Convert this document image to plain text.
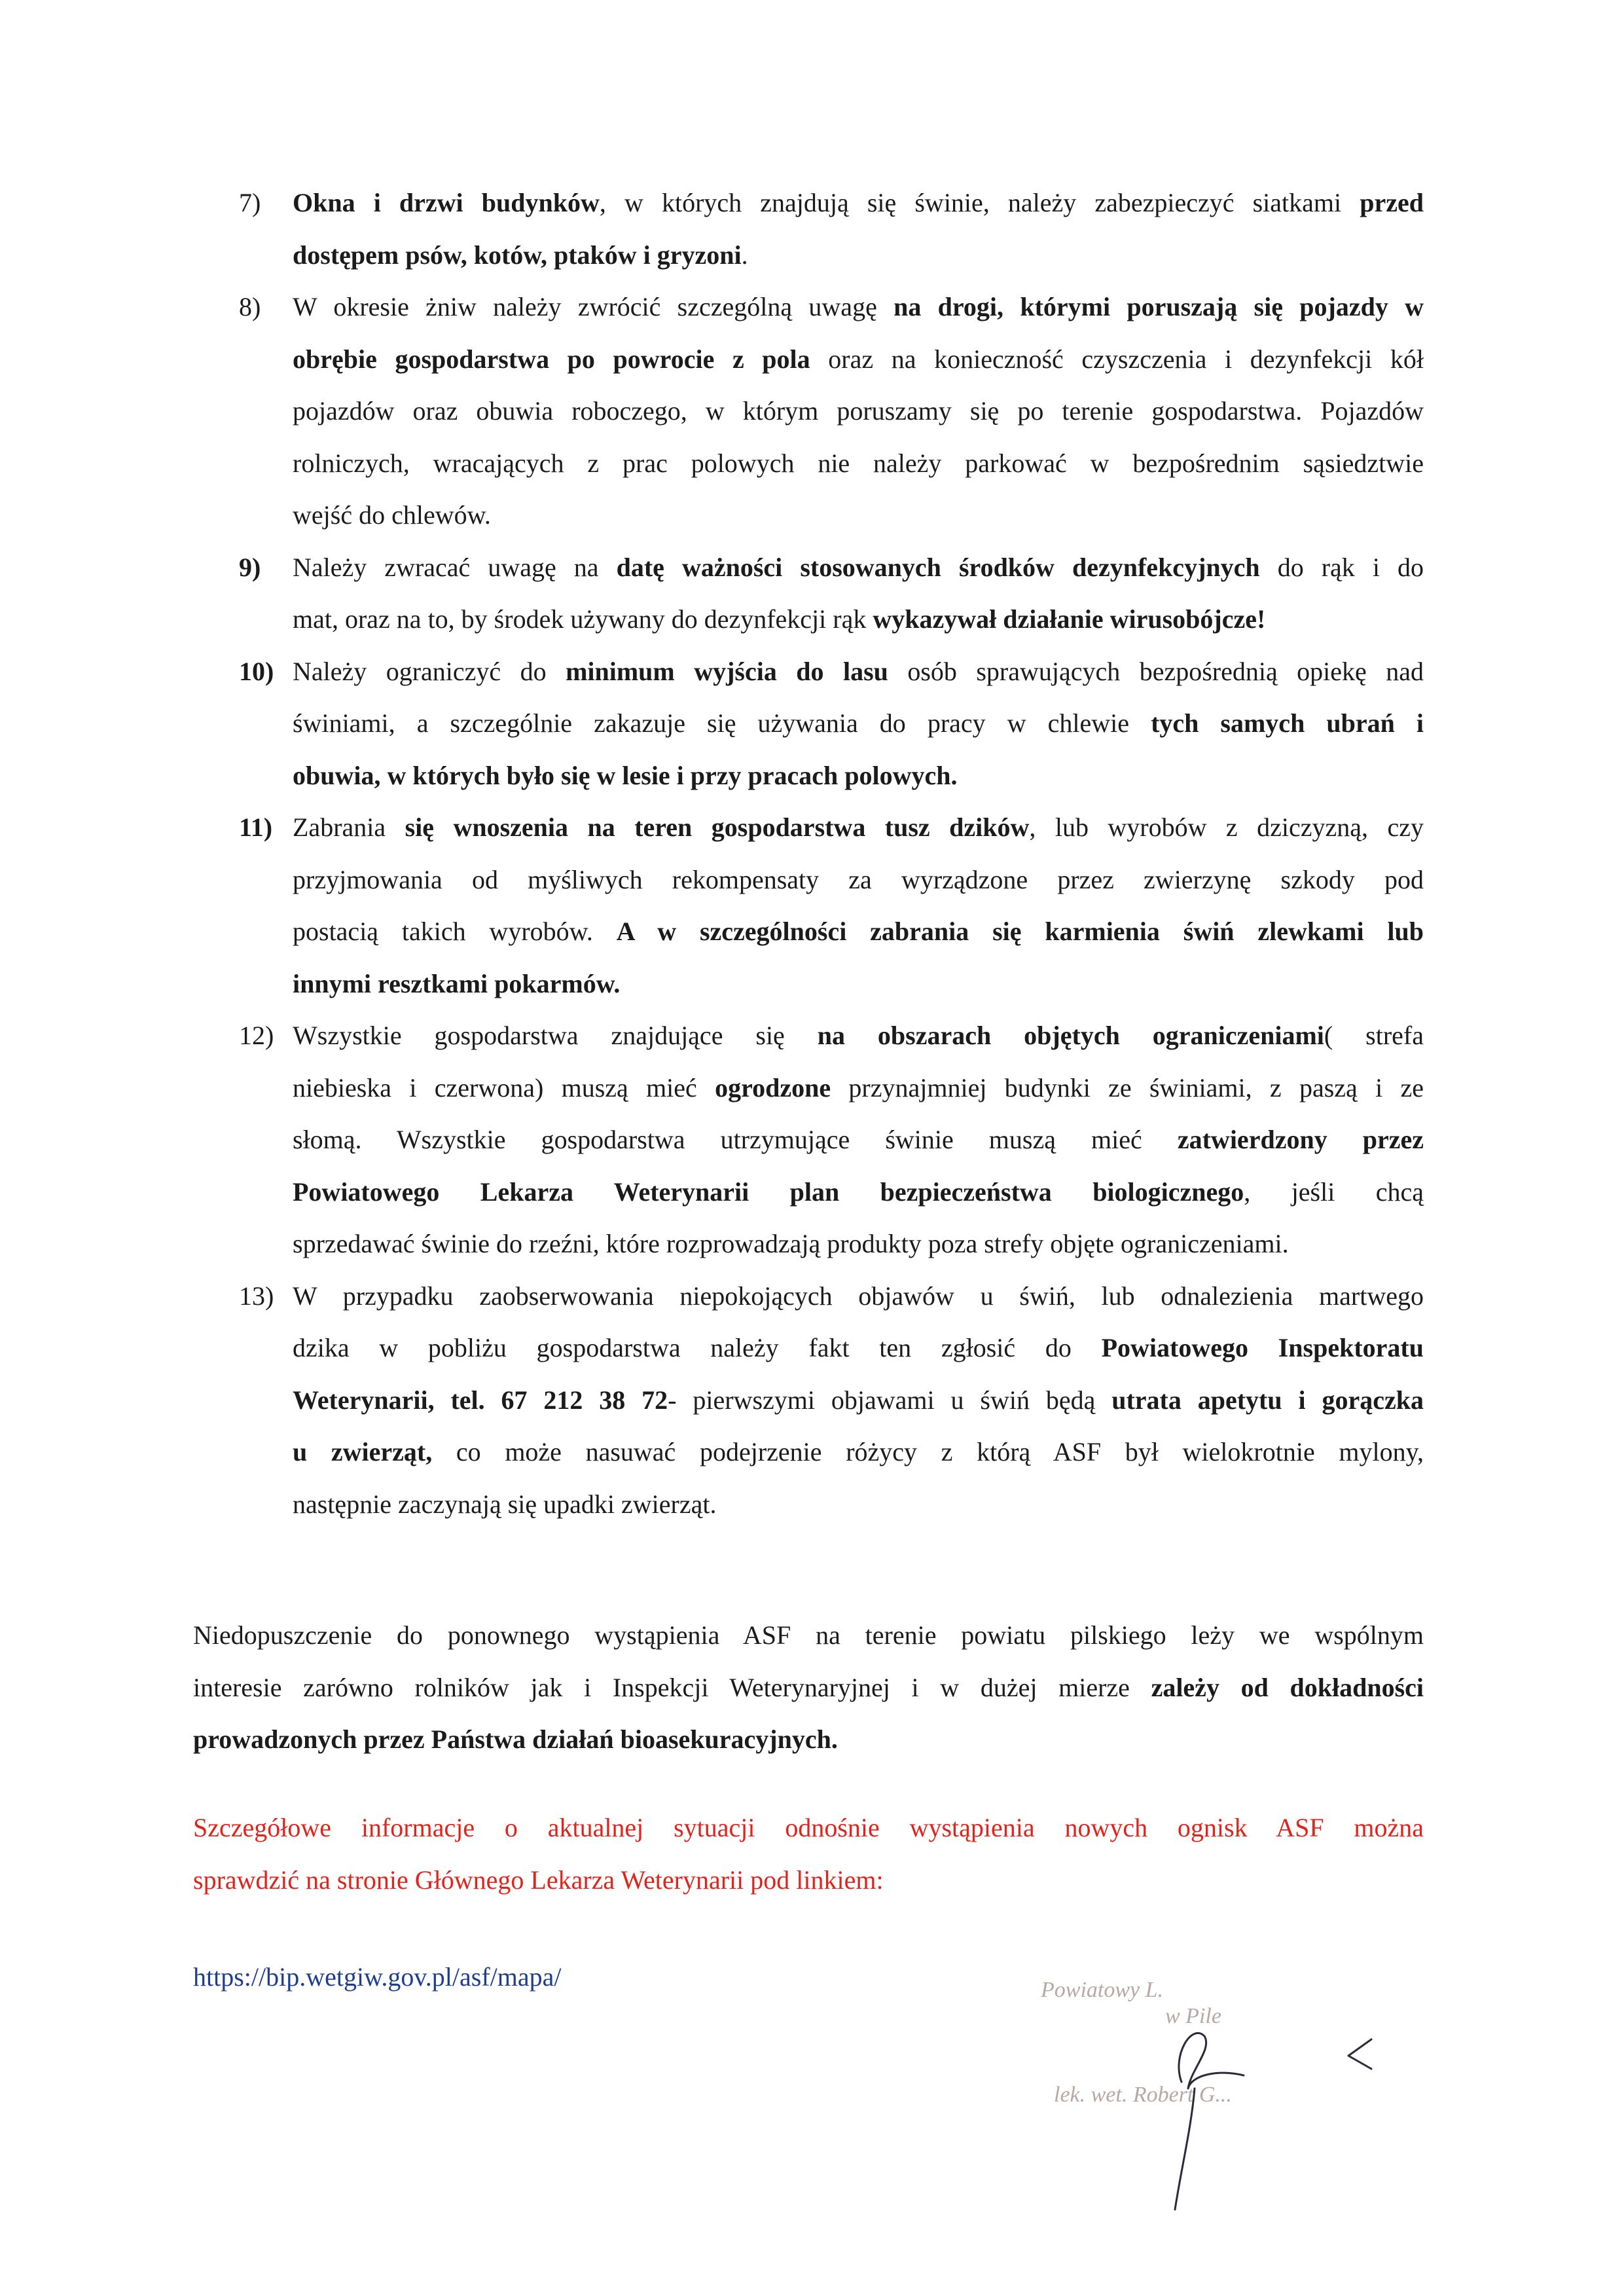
7) Okna i drzwi budynków, w których znajdują się świnie, należy zabezpieczyć siatkami przed
dostępem psów, kotów, ptaków i gryzoni.
8) W okresie żniw należy zwrócić szczególną uwagę na drogi, którymi poruszają się pojazdy w
obrębie gospodarstwa po powrocie z pola oraz na konieczność czyszczenia i dezynfekcji kół
pojazdów oraz obuwia roboczego, w którym poruszamy się po terenie gospodarstwa. Pojazdów
rolniczych, wracających z prac polowych nie należy parkować w bezpośrednim sąsiedztwie
wejść do chlewów.
9) Należy zwracać uwagę na datę ważności stosowanych środków dezynfekcyjnych do rąk i do
mat, oraz na to, by środek używany do dezynfekcji rąk wykazywał działanie wirusobójcze!
10) Należy ograniczyć do minimum wyjścia do lasu osób sprawujących bezpośrednią opiekę nad
świniami, a szczególnie zakazuje się używania do pracy w chlewie tych samych ubrań i
obuwia, w których było się w lesie i przy pracach polowych.
11) Zabrania się wnoszenia na teren gospodarstwa tusz dzików, lub wyrobów z dziczyzną, czy
przyjmowania od myśliwych rekompensaty za wyrządzone przez zwierzynę szkody pod
postacią takich wyrobów. A w szczególności zabrania się karmienia świń zlewkami lub
innymi resztkami pokarmów.
12) Wszystkie gospodarstwa znajdujące się na obszarach objętych ograniczeniami( strefa
niebieska i czerwona) muszą mieć ogrodzone przynajmniej budynki ze świniami, z paszą i ze
słomą. Wszystkie gospodarstwa utrzymujące świnie muszą mieć zatwierdzony przez
Powiatowego Lekarza Weterynarii plan bezpieczeństwa biologicznego, jeśli chcą
sprzedawać świnie do rzeźni, które rozprowadzają produkty poza strefy objęte ograniczeniami.
13) W przypadku zaobserwowania niepokojących objawów u świń, lub odnalezienia martwego
dzika w pobliżu gospodarstwa należy fakt ten zgłosić do Powiatowego Inspektoratu
Weterynarii, tel. 67 212 38 72- pierwszymi objawami u świń będą utrata apetytu i gorączka
u zwierząt, co może nasuwać podejrzenie różycy z którą ASF był wielokrotnie mylony,
następnie zaczynają się upadki zwierząt.
Niedopuszczenie do ponownego wystąpienia ASF na terenie powiatu pilskiego leży we wspólnym
interesie zarówno rolników jak i Inspekcji Weterynaryjnej i w dużej mierze zależy od dokładności
prowadzonych przez Państwa działań bioasekuracyjnych.
Szczegółowe informacje o aktualnej sytuacji odnośnie wystąpienia nowych ognisk ASF można
sprawdzić na stronie Głównego Lekarza Weterynarii pod linkiem:
https://bip.wetgiw.gov.pl/asf/mapa/	Powiatowy L.
w Pile
lek. wet. Robert G...
